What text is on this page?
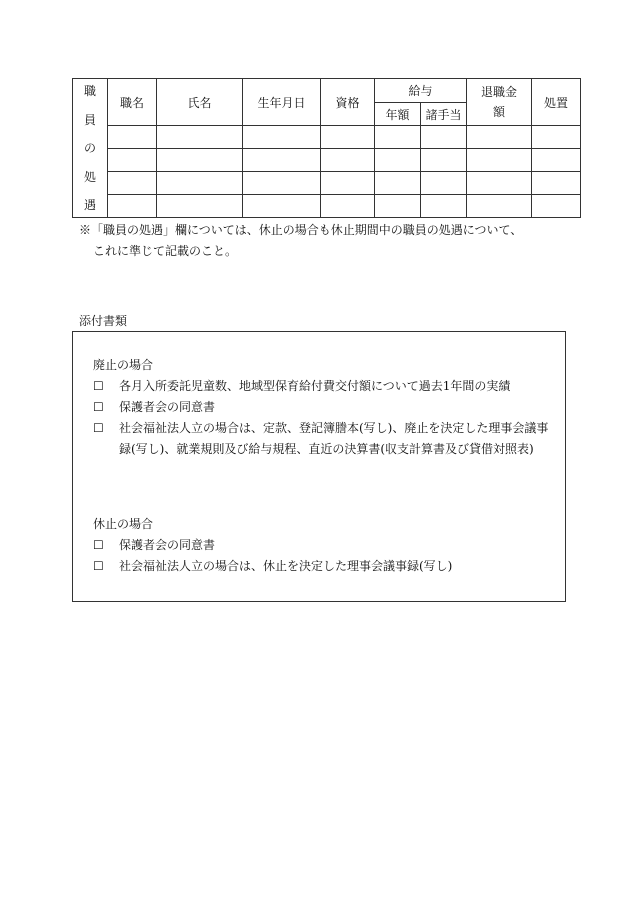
職
員
の
処
遇	職名	氏名	生年月日	資格	給与		退職金額	処置
					年額	諸手当		

※「職員の処遇」欄については、休止の場合も休止期間中の職員の処遇について、
これに準じて記載のこと。
添付書類
廃止の場合
☐	各月入所委託児童数、地域型保育給付費交付額について過去1年間の実績
☐	保護者会の同意書
☐	社会福祉法人立の場合は、定款、登記簿謄本(写し)、廃止を決定した理事会議事録(写し)、就業規則及び給与規程、直近の決算書(収支計算書及び貸借対照表)
休止の場合
☐	保護者会の同意書
☐	社会福祉法人立の場合は、休止を決定した理事会議事録(写し)
